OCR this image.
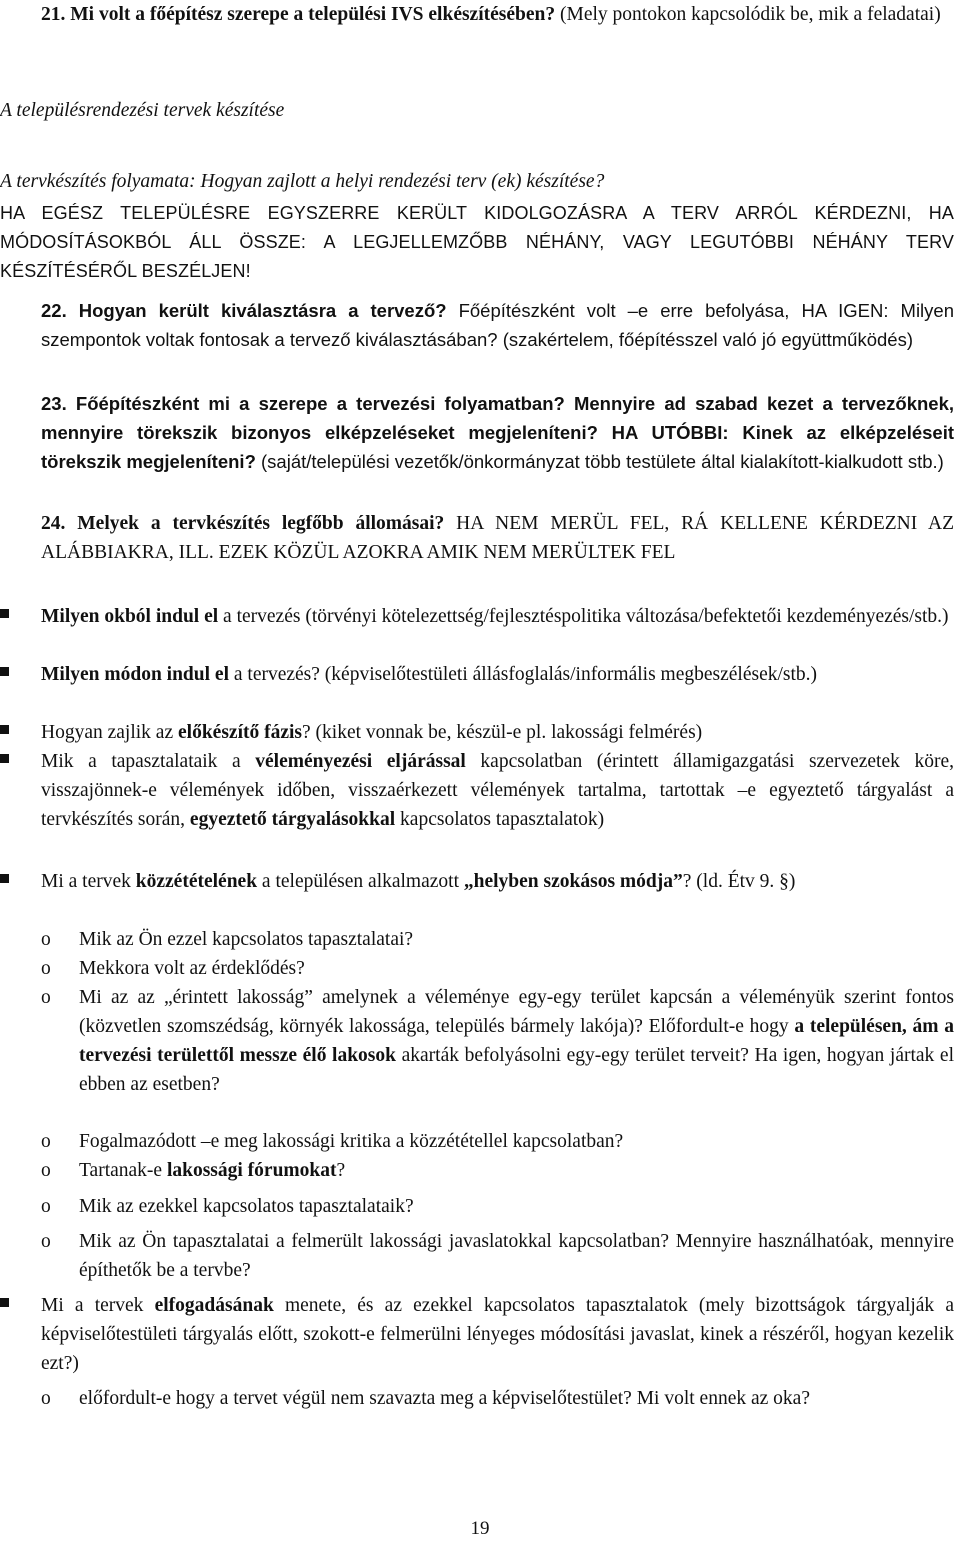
21. Mi volt a főépítész szerepe a települési IVS elkészítésében? (Mely pontokon kapcsolódik be, mik a feladatai)
A településrendezési tervek készítése
A tervkészítés folyamata: Hogyan zajlott a helyi rendezési terv (ek) készítése?
HA EGÉSZ TELEPÜLÉSRE EGYSZERRE KERÜLT KIDOLGOZÁSRA A TERV ARRÓL KÉRDEZNI, HA MÓDOSÍTÁSOKBÓL ÁLL ÖSSZE: A LEGJELLEMZŐBB NÉHÁNY, VAGY LEGUTÓBBI NÉHÁNY TERV KÉSZÍTÉSÉRŐL BESZÉLJEN!
22. Hogyan került kiválasztásra a tervező? Főépítészként volt –e erre befolyása, HA IGEN: Milyen szempontok voltak fontosak a tervező kiválasztásában? (szakértelem, főépítésszel való jó együttműködés)
23. Főépítészként mi a szerepe a tervezési folyamatban? Mennyire ad szabad kezet a tervezőknek, mennyire törekszik bizonyos elképzeléseket megjeleníteni? HA UTÓBBI: Kinek az elképzeléseit törekszik megjeleníteni? (saját/települési vezetők/önkormányzat több testülete által kialakított-kialkudott stb.)
24. Melyek a tervkészítés legfőbb állomásai? HA NEM MERÜL FEL, RÁ KELLENE KÉRDEZNI AZ ALÁBBIAKRA, ILL. EZEK KÖZÜL AZOKRA AMIK NEM MERÜLTEK FEL
Milyen okból indul el a tervezés (törvényi kötelezettség/fejlesztéspolitika változása/befektetői kezdeményezés/stb.)
Milyen módon indul el a tervezés? (képviselőtestületi állásfoglalás/informális megbeszélések/stb.)
Hogyan zajlik az előkészítő fázis? (kiket vonnak be, készül-e pl. lakossági felmérés)
Mik a tapasztalataik a véleményezési eljárással kapcsolatban (érintett államigazgatási szervezetek köre, visszajönnek-e vélemények időben, visszaérkezett vélemények tartalma, tartottak –e egyeztető tárgyalást a tervkészítés során, egyeztető tárgyalásokkal kapcsolatos tapasztalatok)
Mi a tervek közzétételének a településen alkalmazott „helyben szokásos módja”? (ld. Étv 9. §)
o Mik az Ön ezzel kapcsolatos tapasztalatai?
o Mekkora volt az érdeklődés?
o Mi az az „érintett lakosság” amelynek a véleménye egy-egy terület kapcsán a véleményük szerint fontos (közvetlen szomszédság, környék lakossága, település bármely lakója)? Előfordult-e hogy a településen, ám a tervezési területtől messze élő lakosok akarták befolyásolni egy-egy terület terveit? Ha igen, hogyan jártak el ebben az esetben?
o Fogalmazódott –e meg lakossági kritika a közzététellel kapcsolatban?
o Tartanak-e lakossági fórumokat?
o Mik az ezekkel kapcsolatos tapasztalataik?
o Mik az Ön tapasztalatai a felmerült lakossági javaslatokkal kapcsolatban? Mennyire használhatóak, mennyire építhetők be a tervbe?
Mi a tervek elfogadásának menete, és az ezekkel kapcsolatos tapasztalatok (mely bizottságok tárgyalják a képviselőtestületi tárgyalás előtt, szokott-e felmerülni lényeges módosítási javaslat, kinek a részéről, hogyan kezelik ezt?)
o előfordult-e hogy a tervet végül nem szavazta meg a képviselőtestület? Mi volt ennek az oka?
19
